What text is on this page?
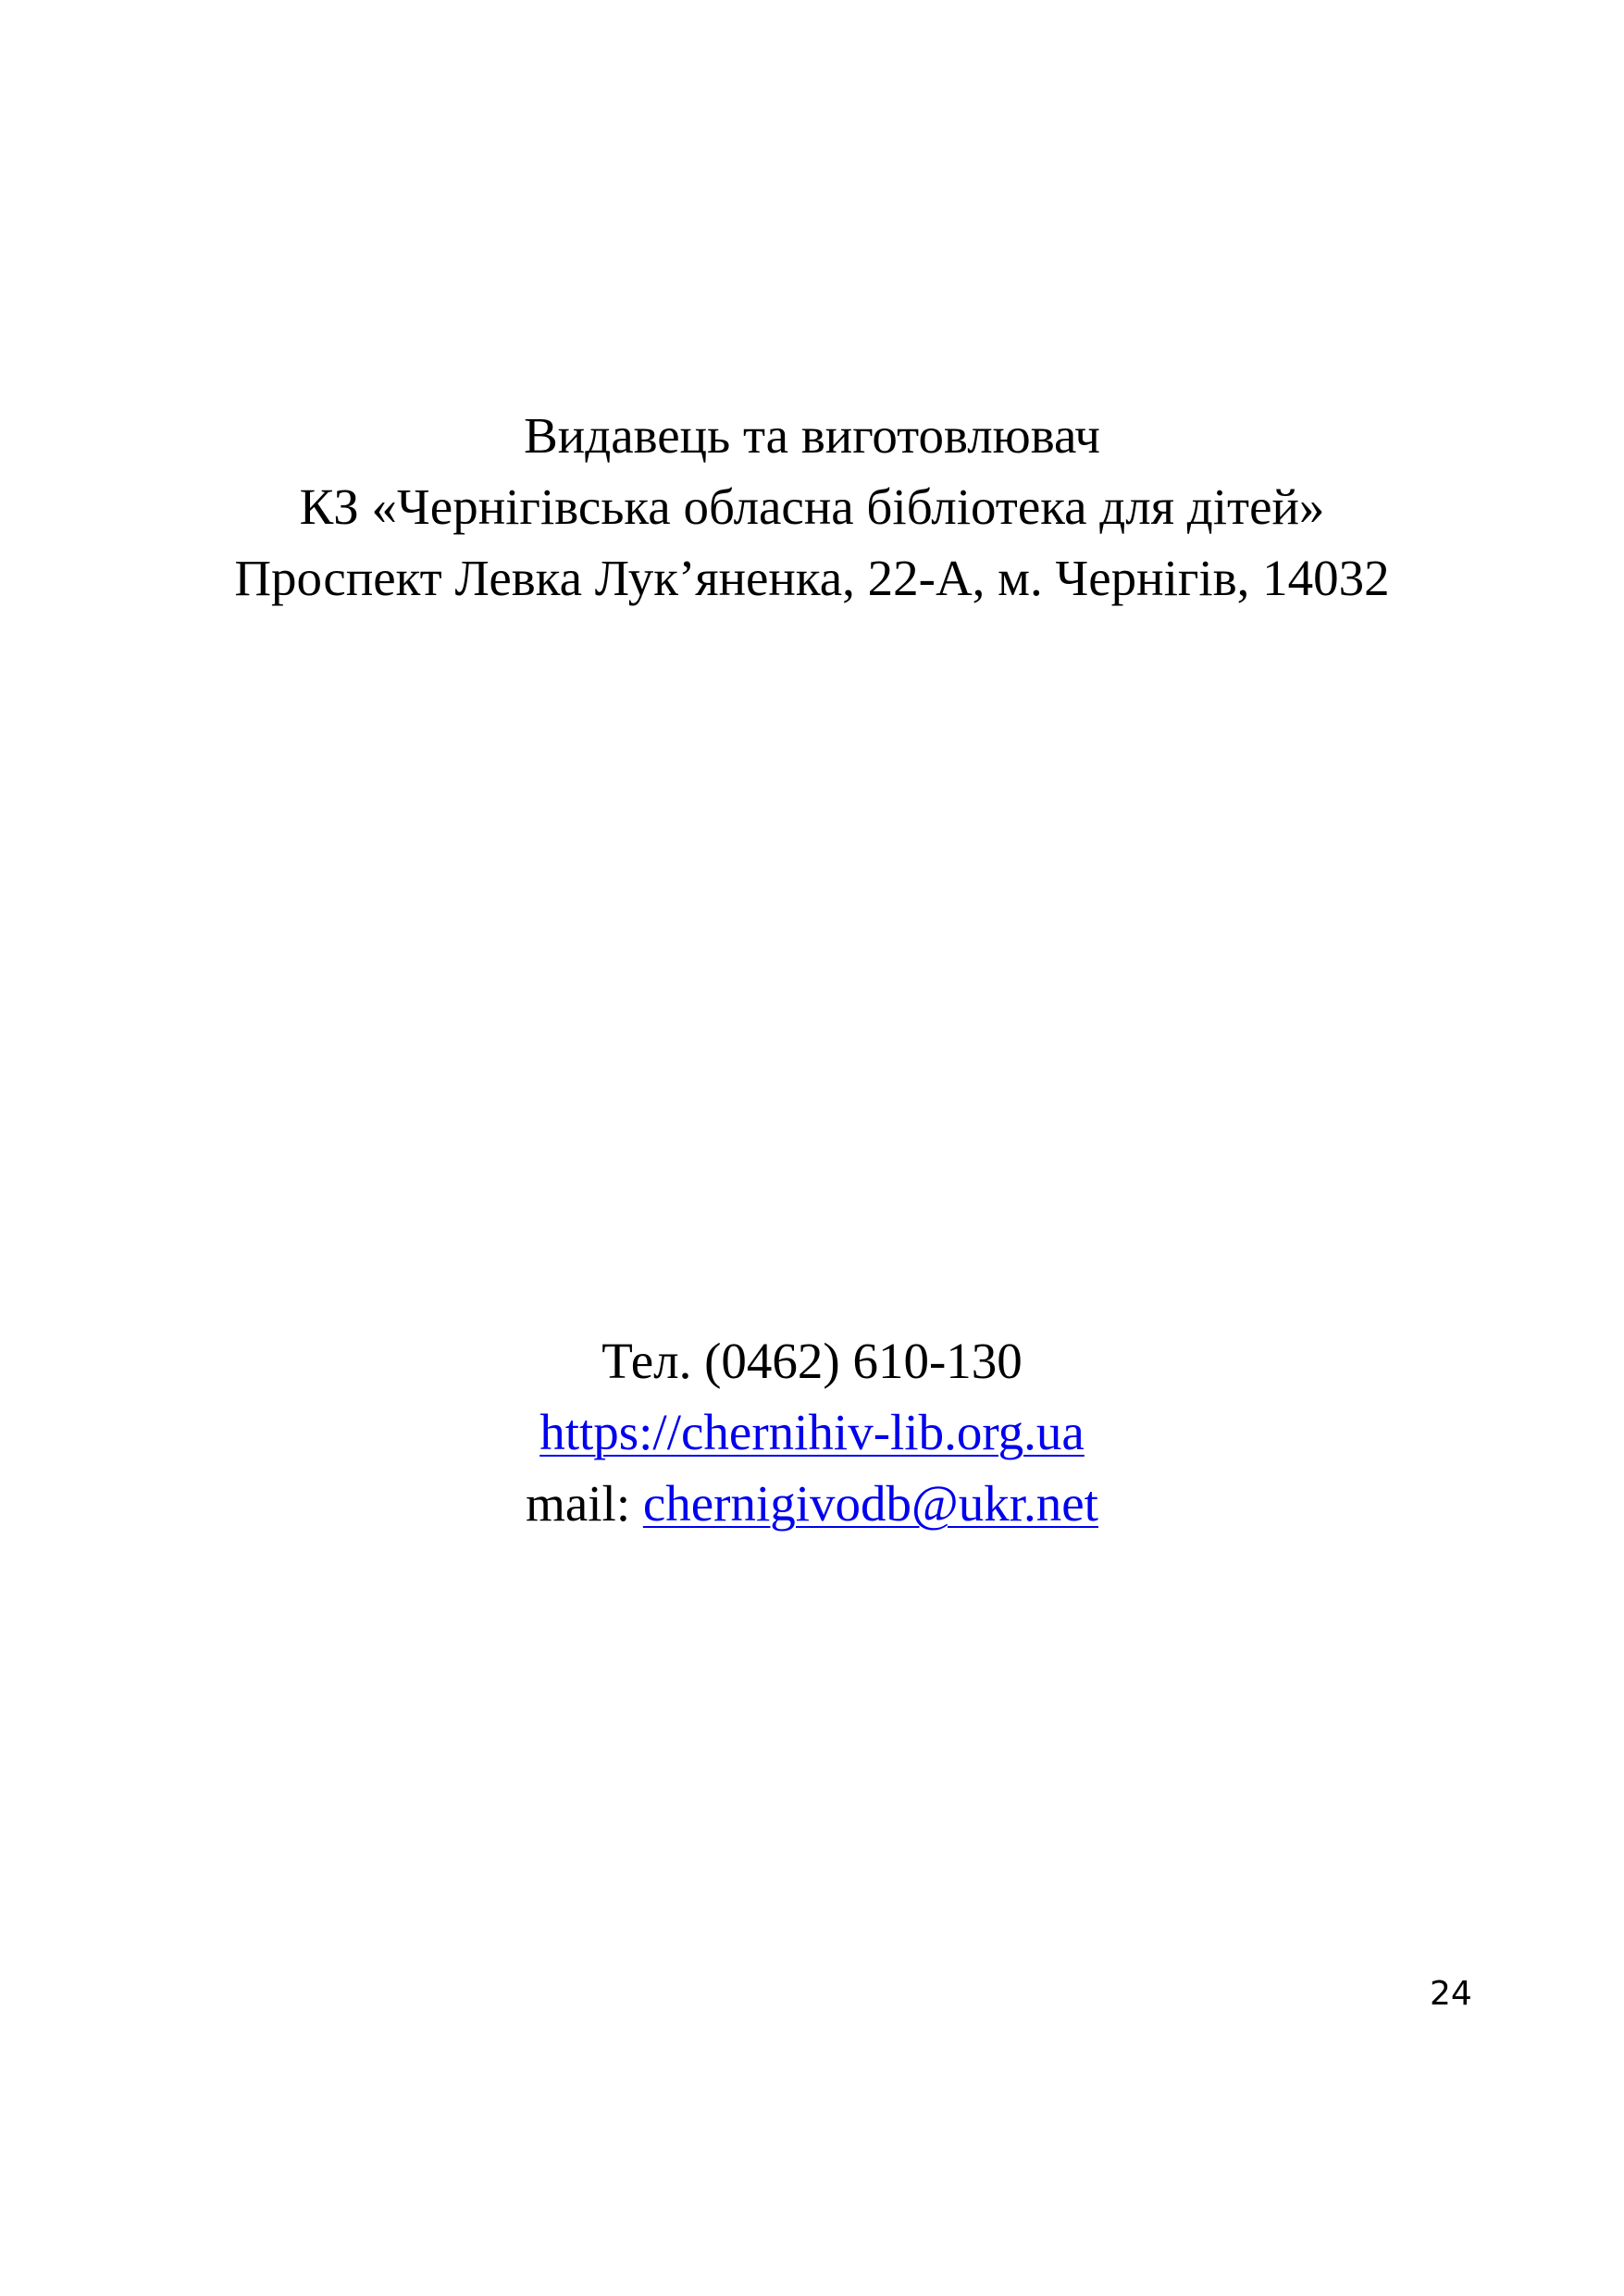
Видавець та виготовлювач
КЗ «Чернігівська обласна бібліотека для дітей»
Проспект Левка Лук’яненка, 22-А, м. Чернігів, 14032
Тел. (0462) 610-130
https://chernihiv-lib.org.ua
mail: chernigivodb@ukr.net
24
